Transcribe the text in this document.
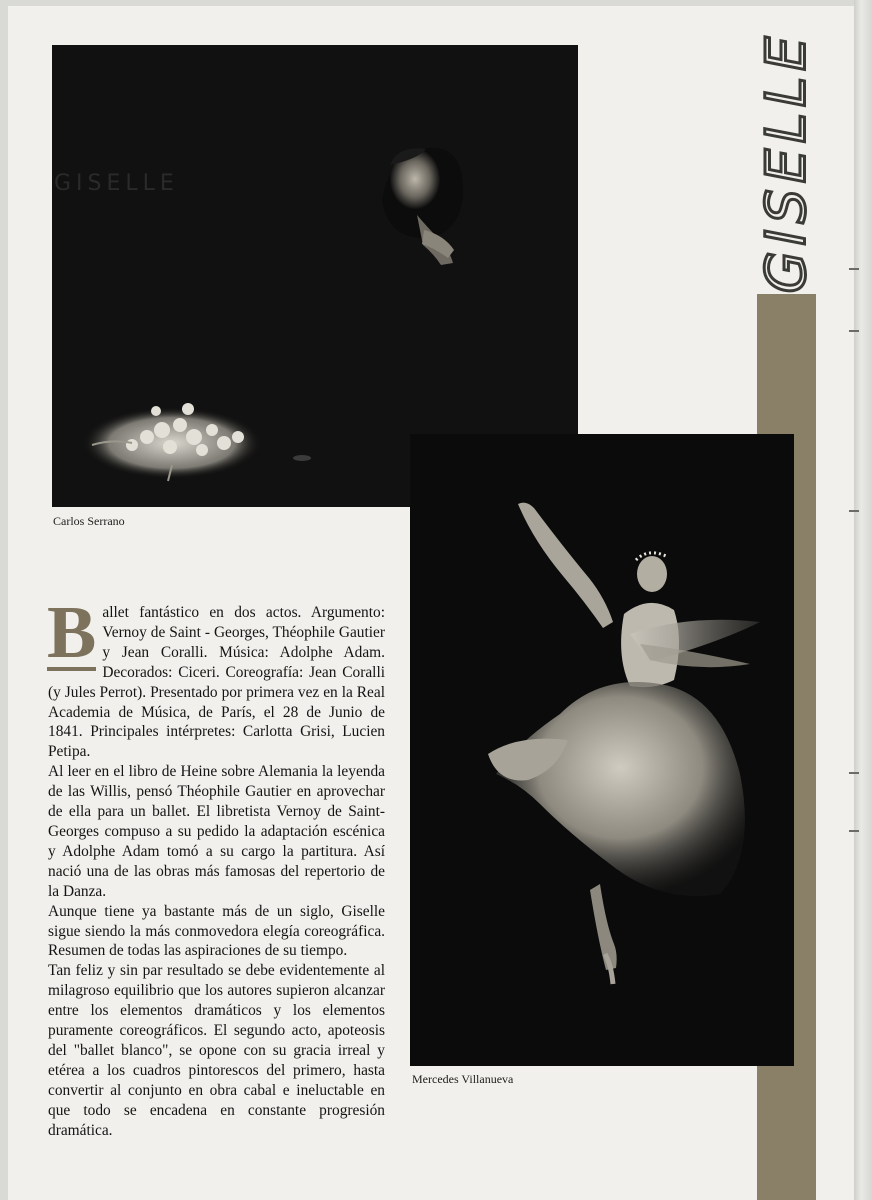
GISELLE
GISELLE
Carlos Serrano
Mercedes Villanueva

B allet fantástico en dos actos. Argumento: Vernoy de Saint - Georges, Théophile Gautier y Jean Coralli. Música: Adolphe Adam. Decorados: Ciceri. Coreografía: Jean Coralli (y Jules Perrot). Presentado por primera vez en la Real Academia de Música, de París, el 28 de Junio de 1841. Principales intérpretes: Carlotta Grisi, Lucien Petipa.

Al leer en el libro de Heine sobre Alemania la leyenda de las Willis, pensó Théophile Gautier en aprovechar de ella para un ballet. El libretista Vernoy de Saint-Georges compuso a su pedido la adaptación escénica y Adolphe Adam tomó a su cargo la partitura. Así nació una de las obras más famosas del repertorio de la Danza.

Aunque tiene ya bastante más de un siglo, Giselle sigue siendo la más conmovedora elegía coreográfica. Resumen de todas las aspiraciones de su tiempo.

Tan feliz y sin par resultado se debe evidentemente al milagroso equilibrio que los autores supieron alcanzar entre los elementos dramáticos y los elementos puramente coreográficos. El segundo acto, apoteosis del "ballet blanco", se opone con su gracia irreal y etérea a los cuadros pintorescos del primero, hasta convertir al conjunto en obra cabal e ineluctable en que todo se encadena en constante progresión dramática.
